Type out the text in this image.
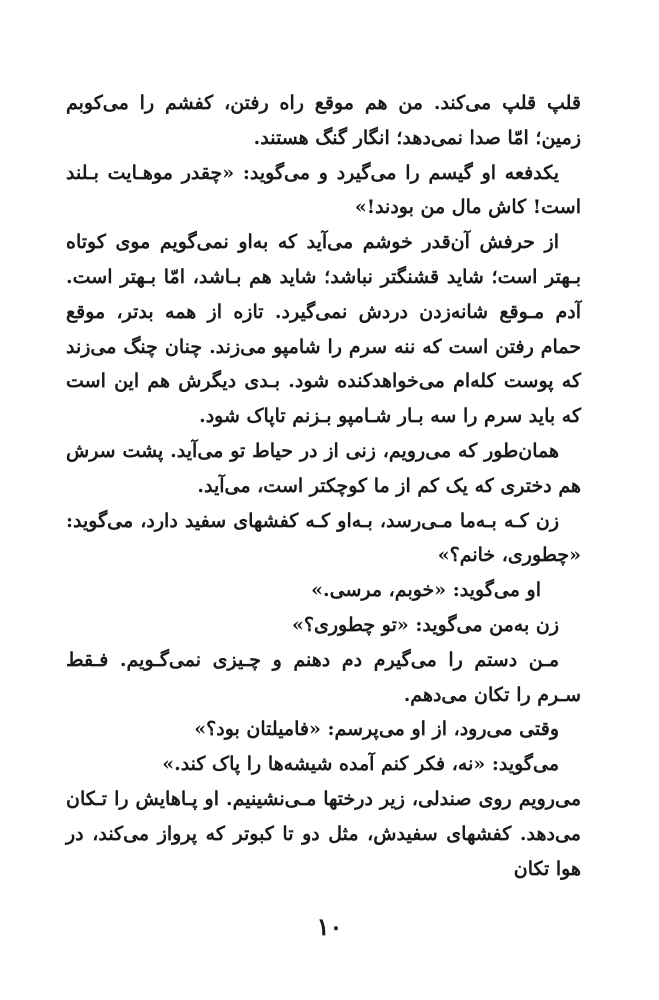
قلپ قلپ می‌کند. من هم موقع راه رفتن، کفشم را می‌کوبم زمین؛ امّا صدا نمی‌دهد؛ انگار گنگ هستند.

یکدفعه او گیسم را می‌گیرد و می‌گوید: «چقدر موهـایت بـلند است! کاش مال من بودند!»

از حرفش آن‌قدر خوشم می‌آید که به‌او نمی‌گویم موی کوتاه بـهتر است؛ شاید قشنگتر نباشد؛ شاید هم بـاشد، امّا بـهتر است. آدم مـوقع شانه‌زدن دردش نمی‌گیرد. تازه از همه بدتر، موقع حمام رفتن است که ننه سرم را شامپو می‌زند. چنان چنگ می‌زند که پوست کله‌ام می‌خواهدکنده شود. بـدی دیگرش هم این است که باید سرم را سه بـار شـامپو بـزنم تاپاک شود.

همان‌طور که می‌رویم، زنی از در حیاط تو می‌آید. پشت سرش هم دختری که یک کم از ما کوچکتر است، می‌آید.

زن کـه بـه‌ما مـی‌رسد، بـه‌او کـه کفشهای سفید دارد، می‌گوید: «چطوری، خانم؟»

او می‌گوید: «خوبم، مرسی.»

زن به‌من می‌گوید: «تو چطوری؟»

مـن دستم را می‌گیرم دم دهنم و چـیزی نمی‌گـویم. فـقط سـرم را تکان می‌دهم.

وقتی می‌رود، از او می‌پرسم: «فامیلتان بود؟»

می‌گوید: «نه، فکر کنم آمده شیشه‌ها را پاک کند.»

می‌رویم روی صندلی، زیر درختها مـی‌نشینیم. او پـاهایش را تـکان می‌دهد. کفشهای سفیدش، مثل دو تا کبوتر که پرواز می‌کند، در هوا تکان

۱۰
